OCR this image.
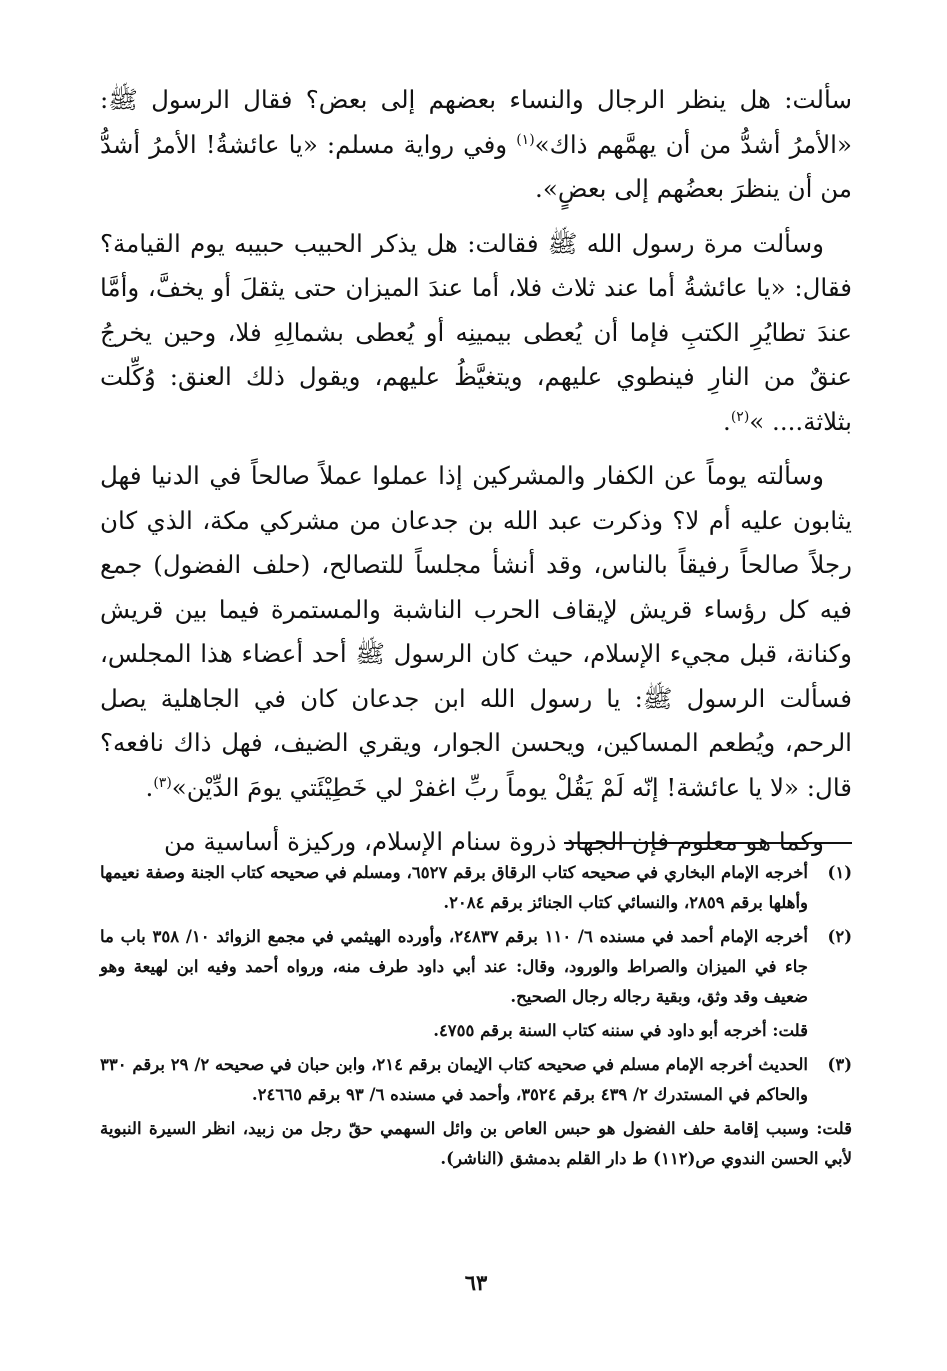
سألت: هل ينظر الرجال والنساء بعضهم إلى بعض؟ فقال الرسول ﷺ: «الأمرُ أشدُّ من أن يهمَّهم ذاك»$^{(١)}$ وفي رواية مسلم: «يا عائشةُ! الأمرُ أشدُّ من أن ينظرَ بعضُهم إلى بعضٍ».

وسألت مرة رسول الله ﷺ فقالت: هل يذكر الحبيب حبيبه يوم القيامة؟ فقال: «يا عائشةُ أما عند ثلاث فلا، أما عندَ الميزان حتى يثقلَ أو يخفَّ، وأمَّا عندَ تطايُرِ الكتبِ فإما أن يُعطى بيمينِه أو يُعطى بشمالِهِ فلا، وحين يخرجُ عنقٌ من النارِ فينطوي عليهم، ويتغيَّظُ عليهم، ويقول ذلك العنق: وُكِّلت بثلاثة.... »$^{(٢)}$.

وسألته يوماً عن الكفار والمشركين إذا عملوا عملاً صالحاً في الدنيا فهل يثابون عليه أم لا؟ وذكرت عبد الله بن جدعان من مشركي مكة، الذي كان رجلاً صالحاً رفيقاً بالناس، وقد أنشأ مجلساً للتصالح، (حلف الفضول) جمع فيه كل رؤساء قريش لإيقاف الحرب الناشبة والمستمرة فيما بين قريش وكنانة، قبل مجيء الإسلام، حيث كان الرسول ﷺ أحد أعضاء هذا المجلس، فسألت الرسول ﷺ: يا رسول الله ابن جدعان كان في الجاهلية يصل الرحم، ويُطعم المساكين، ويحسن الجوار، ويقري الضيف، فهل ذاك نافعه؟ قال: «لا يا عائشة! إنّه لَمْ يَقُلْ يوماً ربِّ اغفرْ لي خَطِيْئَتي يومَ الدِّيْن»$^{(٣)}$.

وكما هو معلوم فإن الجهاد ذروة سنام الإسلام، وركيزة أساسية من

(١)
أخرجه الإمام البخاري في صحيحه كتاب الرقاق برقم ٦٥٢٧، ومسلم في صحيحه كتاب الجنة وصفة نعيمها وأهلها برقم ٢٨٥٩، والنسائي كتاب الجنائز برقم ٢٠٨٤.
(٢)
أخرجه الإمام أحمد في مسنده ٦/ ١١٠ برقم ٢٤٨٣٧، وأورده الهيثمي في مجمع الزوائد ١٠/ ٣٥٨ باب ما جاء في الميزان والصراط والورود، وقال: عند أبي داود طرف منه، ورواه أحمد وفيه ابن لهيعة وهو ضعيف وقد وثق، وبقية رجاله رجال الصحيح.
قلت: أخرجه أبو داود في سننه كتاب السنة برقم ٤٧٥٥.
(٣)
الحديث أخرجه الإمام مسلم في صحيحه كتاب الإيمان برقم ٢١٤، وابن حبان في صحيحه ٢/ ٢٩ برقم ٣٣٠ والحاكم في المستدرك ٢/ ٤٣٩ برقم ٣٥٢٤، وأحمد في مسنده ٦/ ٩٣ برقم ٢٤٦٦٥.
قلت: وسبب إقامة حلف الفضول هو حبس العاص بن وائل السهمي حقّ رجل من زبيد، انظر السيرة النبوية لأبي الحسن الندوي ص(١١٢) ط دار القلم بدمشق (الناشر).
٦٣
